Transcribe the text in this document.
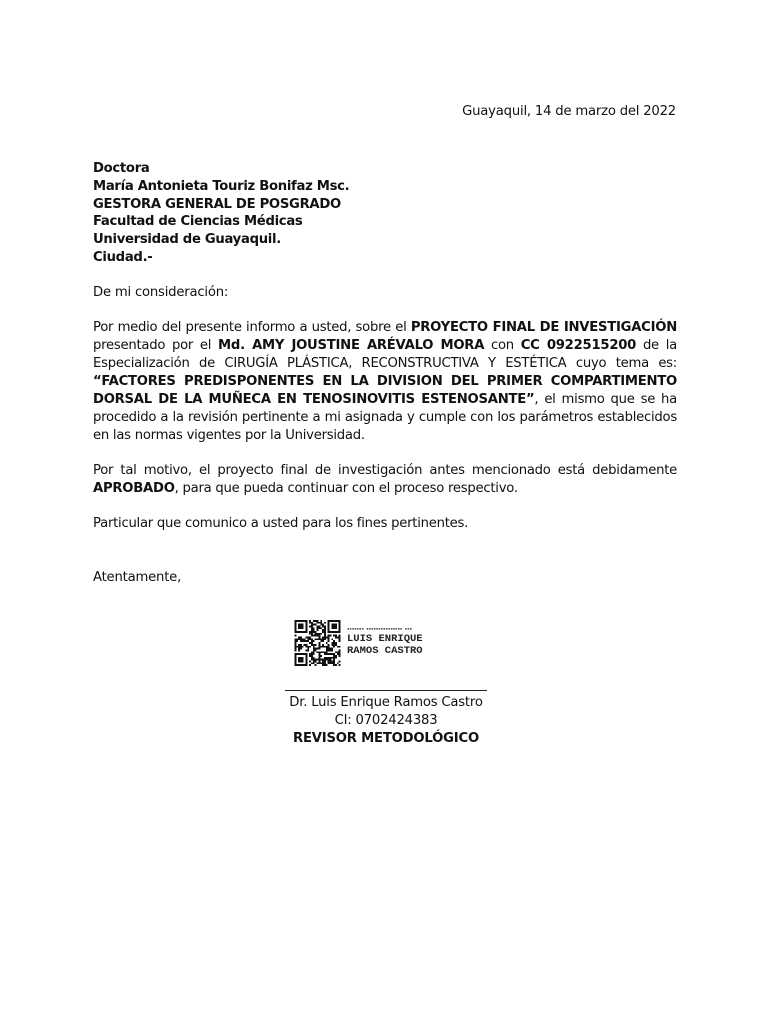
Guayaquil, 14 de marzo del 2022
Doctora
María Antonieta Touriz Bonifaz Msc.
GESTORA GENERAL DE POSGRADO
Facultad de Ciencias Médicas
Universidad de Guayaquil.
Ciudad.-
De mi consideración:
Por medio del presente informo a usted, sobre el PROYECTO FINAL DE INVESTIGACIÓN presentado por el Md. AMY JOUSTINE ARÉVALO MORA con CC 0922515200 de la Especialización de CIRUGÍA PLÁSTICA, RECONSTRUCTIVA Y ESTÉTICA cuyo tema es: “FACTORES PREDISPONENTES EN LA DIVISION DEL PRIMER COMPARTIMENTO DORSAL DE LA MUÑECA EN TENOSINOVITIS ESTENOSANTE”, el mismo que se ha procedido a la revisión pertinente a mi asignada y cumple con los parámetros establecidos en las normas vigentes por la Universidad.
Por tal motivo, el proyecto final de investigación antes mencionado está debidamente APROBADO, para que pueda continuar con el proceso respectivo.
Particular que comunico a usted para los fines pertinentes.
Atentamente,
▪▪▪▪▪▪▪ ▪▪▪▪▪▪▪▪▪▪▪▪▪▪▪ ▪▪▪
LUIS ENRIQUE
RAMOS CASTRO
Dr. Luis Enrique Ramos Castro
CI: 0702424383
REVISOR METODOLÓGICO
